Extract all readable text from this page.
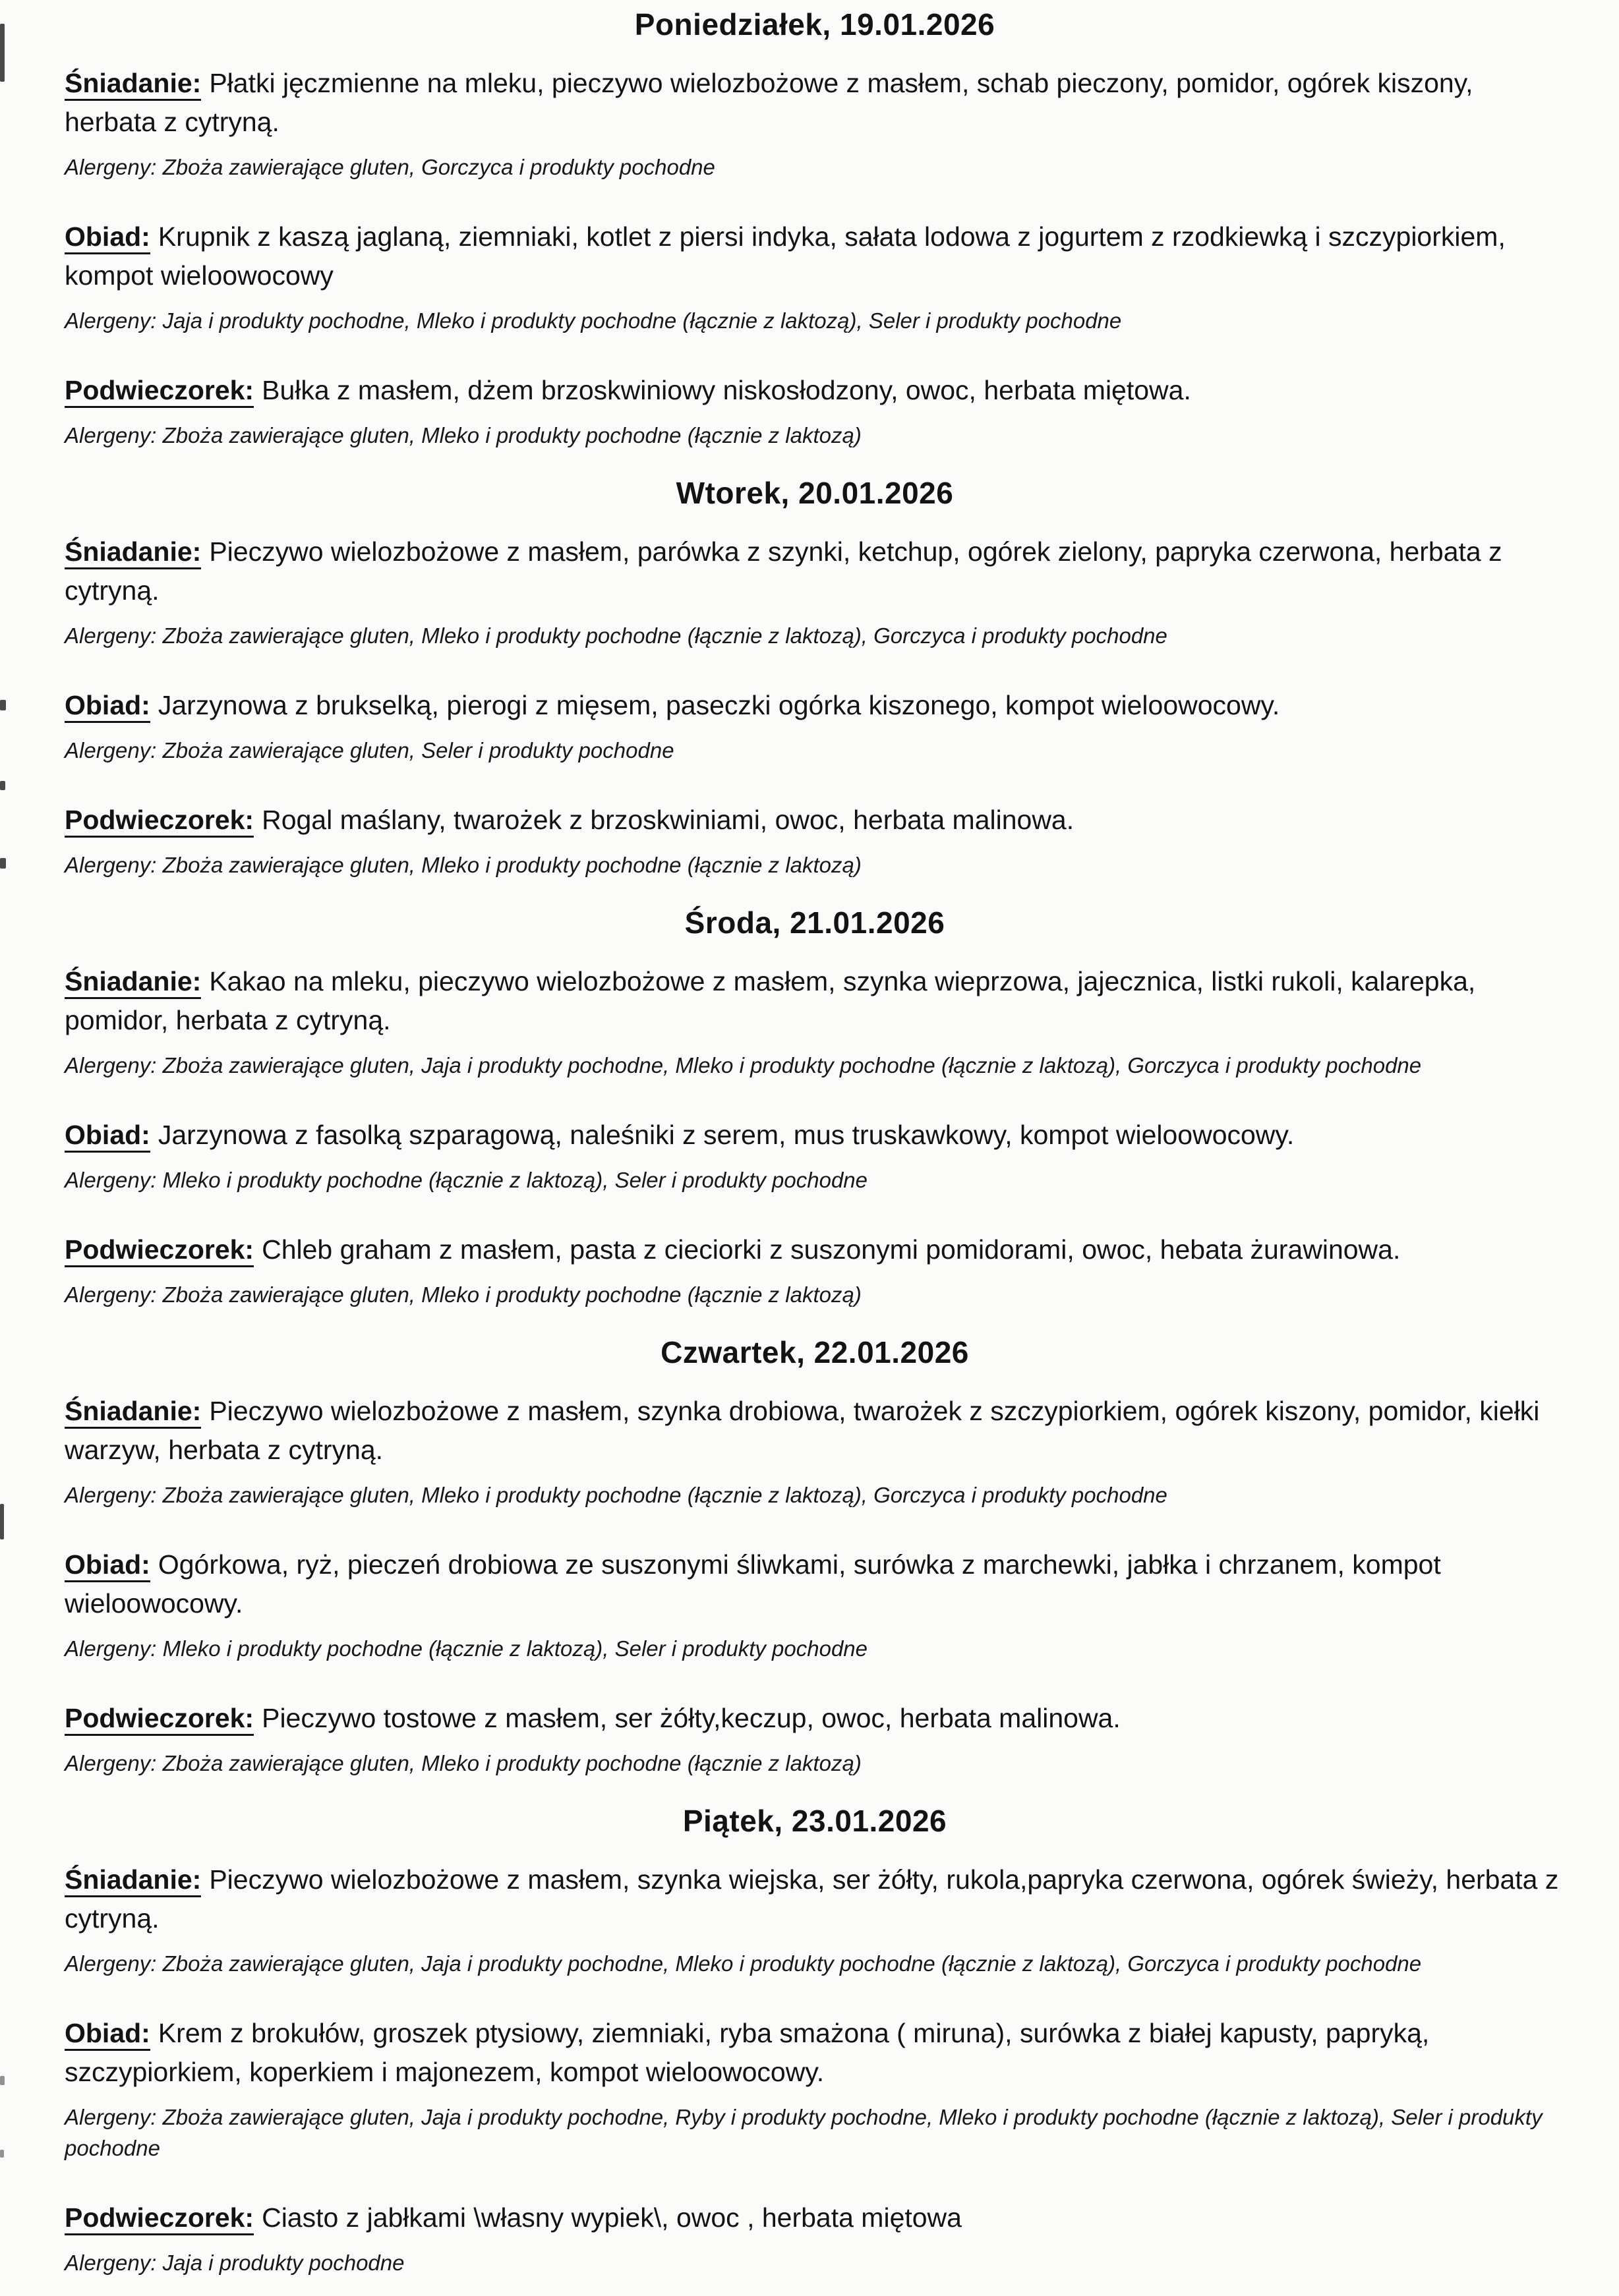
Poniedziałek, 19.01.2026

Śniadanie: Płatki jęczmienne na mleku, pieczywo wielozbożowe z masłem, schab pieczony, pomidor, ogórek kiszony, herbata z cytryną.

Alergeny: Zboża zawierające gluten, Gorczyca i produkty pochodne

Obiad: Krupnik z kaszą jaglaną, ziemniaki, kotlet z piersi indyka, sałata lodowa z jogurtem z rzodkiewką i szczypiorkiem, kompot wieloowocowy

Alergeny: Jaja i produkty pochodne, Mleko i produkty pochodne (łącznie z laktozą), Seler i produkty pochodne

Podwieczorek: Bułka z masłem, dżem brzoskwiniowy niskosłodzony, owoc, herbata miętowa.

Alergeny: Zboża zawierające gluten, Mleko i produkty pochodne (łącznie z laktozą)

Wtorek, 20.01.2026

Śniadanie: Pieczywo wielozbożowe z masłem, parówka z szynki, ketchup, ogórek zielony, papryka czerwona, herbata z cytryną.

Alergeny: Zboża zawierające gluten, Mleko i produkty pochodne (łącznie z laktozą), Gorczyca i produkty pochodne

Obiad: Jarzynowa z brukselką, pierogi z mięsem, paseczki ogórka kiszonego, kompot wieloowocowy.

Alergeny: Zboża zawierające gluten, Seler i produkty pochodne

Podwieczorek: Rogal maślany, twarożek z brzoskwiniami, owoc, herbata malinowa.

Alergeny: Zboża zawierające gluten, Mleko i produkty pochodne (łącznie z laktozą)

Środa, 21.01.2026

Śniadanie: Kakao na mleku, pieczywo wielozbożowe z masłem, szynka wieprzowa, jajecznica, listki rukoli, kalarepka, pomidor, herbata z cytryną.

Alergeny: Zboża zawierające gluten, Jaja i produkty pochodne, Mleko i produkty pochodne (łącznie z laktozą), Gorczyca i produkty pochodne

Obiad: Jarzynowa z fasolką szparagową, naleśniki z serem, mus truskawkowy, kompot wieloowocowy.

Alergeny: Mleko i produkty pochodne (łącznie z laktozą), Seler i produkty pochodne

Podwieczorek: Chleb graham z masłem, pasta z cieciorki z suszonymi pomidorami, owoc, hebata żurawinowa.

Alergeny: Zboża zawierające gluten, Mleko i produkty pochodne (łącznie z laktozą)

Czwartek, 22.01.2026

Śniadanie: Pieczywo wielozbożowe z masłem, szynka drobiowa, twarożek z szczypiorkiem, ogórek kiszony, pomidor, kiełki warzyw, herbata z cytryną.

Alergeny: Zboża zawierające gluten, Mleko i produkty pochodne (łącznie z laktozą), Gorczyca i produkty pochodne

Obiad: Ogórkowa, ryż, pieczeń drobiowa ze suszonymi śliwkami, surówka z marchewki, jabłka i chrzanem, kompot wieloowocowy.

Alergeny: Mleko i produkty pochodne (łącznie z laktozą), Seler i produkty pochodne

Podwieczorek: Pieczywo tostowe z masłem, ser żółty,keczup, owoc, herbata malinowa.

Alergeny: Zboża zawierające gluten, Mleko i produkty pochodne (łącznie z laktozą)

Piątek, 23.01.2026

Śniadanie: Pieczywo wielozbożowe z masłem, szynka wiejska, ser żółty, rukola,papryka czerwona, ogórek świeży, herbata z cytryną.

Alergeny: Zboża zawierające gluten, Jaja i produkty pochodne, Mleko i produkty pochodne (łącznie z laktozą), Gorczyca i produkty pochodne

Obiad: Krem z brokułów, groszek ptysiowy, ziemniaki, ryba smażona ( miruna), surówka z białej kapusty, papryką, szczypiorkiem, koperkiem i majonezem, kompot wieloowocowy.

Alergeny: Zboża zawierające gluten, Jaja i produkty pochodne, Ryby i produkty pochodne, Mleko i produkty pochodne (łącznie z laktozą), Seler i produkty pochodne

Podwieczorek: Ciasto z jabłkami \własny wypiek\, owoc , herbata miętowa

Alergeny: Jaja i produkty pochodne
